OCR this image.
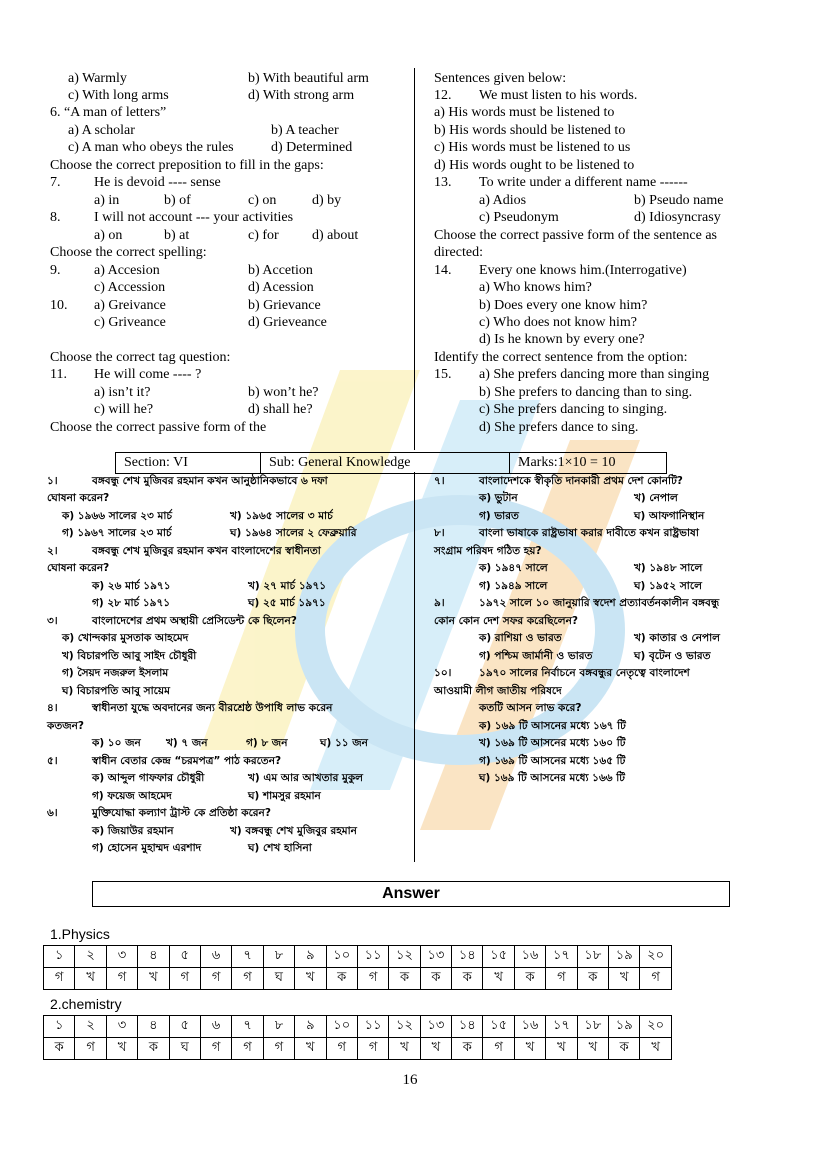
a) Warmly	b) With beautiful arm
c) With long arms	d) With strong arm
6. “A man of letters”
a) A scholar	b) A teacher
c) A man who obeys the rules	d) Determined
Choose the correct preposition to fill in the gaps:
7. He is devoid ---- sense
a) in	b) of	c) on	d) by
8. I will not account --- your activities
a) on	b) at	c) for d) about
Choose the correct spelling:
9. a) Accesion	b) Accetion
c) Accession	d) Acession
10. a) Greivance	b) Grievance
c) Griveance	d) Grieveance
Choose the correct tag question:
11. He will come ---- ?
a) isn’t it?	b) won’t he?
c) will he?	d) shall he?
Choose the correct passive form of the
Sentences given below:
12. We must listen to his words.
a) His words must be listened to
b) His words should be listened to
c) His words must be listened to us
d) His words ought to be listened to
13. To write under a different name ------
a) Adios	b) Pseudo name
c) Pseudonym	d) Idiosyncrasy
Choose the correct passive form of the sentence as
directed:
14. Every one knows him.(Interrogative)
a) Who knows him?
b) Does every one know him?
c) Who does not know him?
d) Is he known by every one?
Identify the correct sentence from the option:
15. a) She prefers dancing more than singing
b) She prefers to dancing than to sing.
c) She prefers dancing to singing.
d) She prefers dance to sing.
Section: VI	Sub: General Knowledge	Marks:1×10 = 10
১।	বঙ্গবন্ধু শেখ মুজিবর রহমান কখন আনুষ্ঠানিকভাবে ৬ দফা
ঘোষনা করেন?
ক) ১৯৬৬ সালের ২৩ মার্চ	খ) ১৯৬৫ সালের ৩ মার্চ
গ) ১৯৬৭ সালের ২৩ মার্চ	ঘ) ১৯৬৪ সালের ২ ফেব্রুয়ারি
২।	বঙ্গবন্ধু শেখ মুজিবুর রহমান কখন বাংলাদেশের স্বাধীনতা
ঘোষনা করেন?
ক) ২৬ মার্চ ১৯৭১	খ) ২৭ মার্চ ১৯৭১
গ) ২৮ মার্চ ১৯৭১	ঘ) ২৫ মার্চ ১৯৭১
৩।	বাংলাদেশের প্রথম অস্থায়ী প্রেসিডেন্ট কে ছিলেন?
ক) খোন্দকার মুসতাক আহমেদ
খ) বিচারপতি আবু সাইদ চৌধুরী
গ) সৈয়দ নজরুল ইসলাম
ঘ) বিচারপতি আবু সায়েম
৪।	স্বাধীনতা যুদ্ধে অবদানের জন্য বীরশ্রেষ্ঠ উপাধি লাভ করেন
কতজন?
ক) ১০ জন খ) ৭ জন	গ) ৮ জন	ঘ) ১১ জন
৫।	স্বাধীন বেতার কেন্দ্র “চরমপত্র” পাঠ করতেন?
ক) আব্দুল গাফফার চৌধুরী	খ) এম আর আখতার মুকুল
গ) ফয়েজ আহমেদ	ঘ) শামসুর রহমান
৬।	মুক্তিযোদ্ধা কল্যাণ ট্রাস্ট কে প্রতিষ্ঠা করেন?
ক) জিয়াউর রহমান	খ) বঙ্গবন্ধু শেখ মুজিবুর রহমান
গ) হোসেন মুহাম্মদ এরশাদ	ঘ) শেখ হাসিনা
৭।	বাংলাদেশকে স্বীকৃতি দানকারী প্রথম দেশ কোনটি?
ক) ভুটান	খ) নেপাল
গ) ভারত	ঘ) আফগানিস্থান
৮।	বাংলা ভাষাকে রাষ্ট্রভাষা করার দাবীতে কখন রাষ্ট্রভাষা
সংগ্রাম পরিষদ গঠিত হয়?
ক) ১৯৪৭ সালে	খ) ১৯৪৮ সালে
গ) ১৯৪৯ সালে	ঘ) ১৯৫২ সালে
৯।	১৯৭২ সালে ১০ জানুয়ারি স্বদেশ প্রত্যাবর্তনকালীন বঙ্গবন্ধু
কোন কোন দেশ সফর করেছিলেন?
ক) রাশিয়া ও ভারত	খ) কাতার ও নেপাল
গ) পশ্চিম জার্মানী ও ভারত	ঘ) বৃটেন ও ভারত
১০।	১৯৭০ সালের নির্বাচনে বঙ্গবন্ধুর নেতৃত্বে বাংলাদেশ
আওয়ামী লীগ জাতীয় পরিষদে
কতটি আসন লাভ করে?
ক) ১৬৯ টি আসনের মধ্যে ১৬৭ টি
খ) ১৬৯ টি আসনের মধ্যে ১৬০ টি
গ) ১৬৯ টি আসনের মধ্যে ১৬৫ টি
ঘ) ১৬৯ টি আসনের মধ্যে ১৬৬ টি
Answer
1.Physics
১	২	৩	৪	৫	৬	৭	৮	৯	১০	১১	১২	১৩	১৪	১৫	১৬	১৭	১৮	১৯	২০
গ	খ	গ	খ	গ	গ	গ	ঘ	খ	ক	গ	ক	ক	ক	খ	ক	গ	ক	খ	গ
2.chemistry
১	২	৩	৪	৫	৬	৭	৮	৯	১০	১১	১২	১৩	১৪	১৫	১৬	১৭	১৮	১৯	২০
ক	গ	খ	ক	ঘ	গ	গ	গ	খ	গ	গ	খ	খ	ক	গ	খ	খ	খ	ক	খ
16
